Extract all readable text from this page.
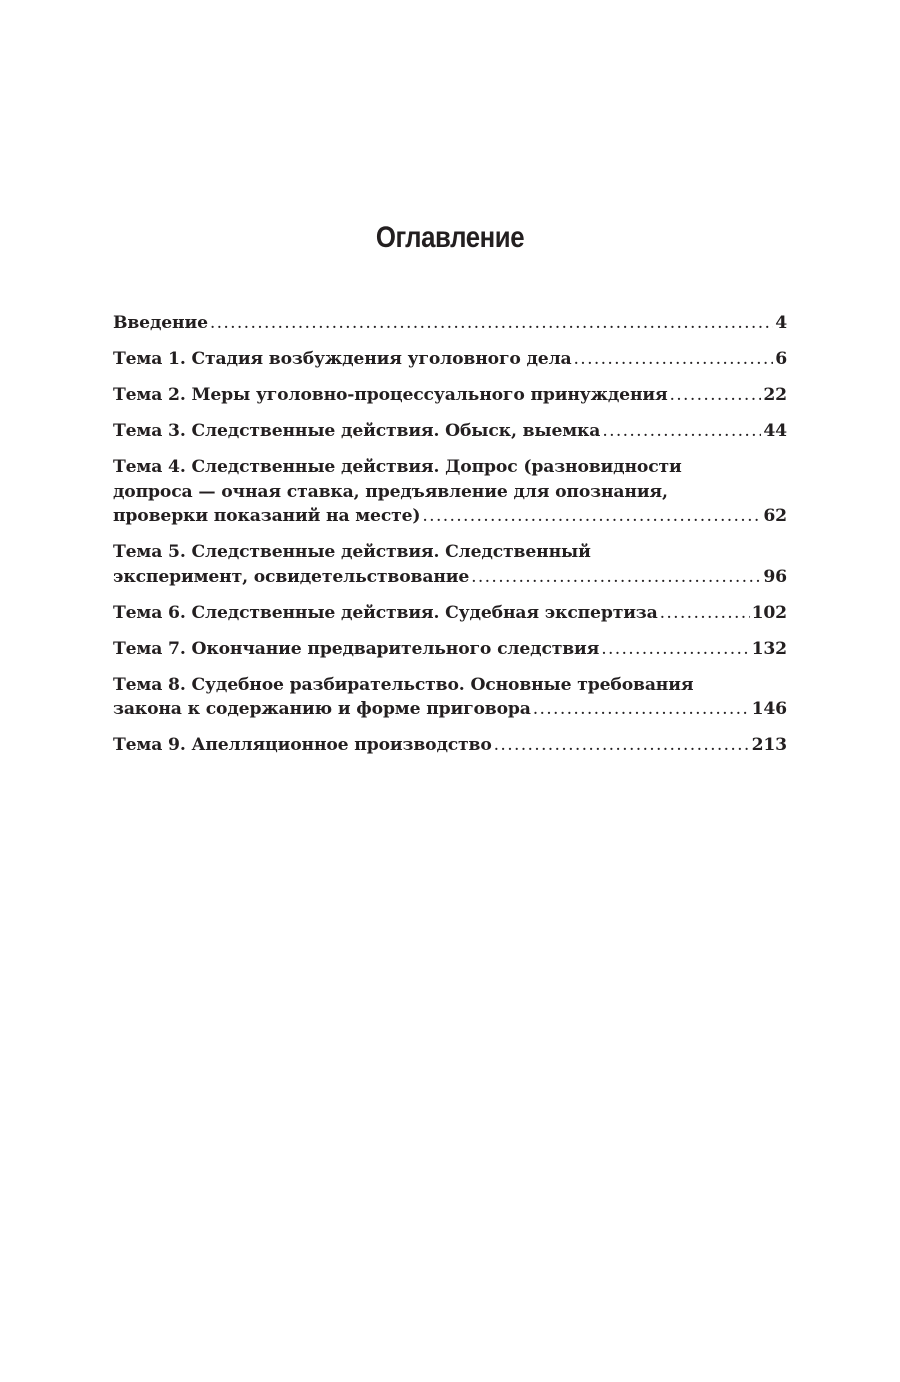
Оглавление
Введение .....	4
Тема 1. Стадия возбуждения уголовного дела .....	6
Тема 2. Меры уголовно-процессуального принуждения .....	22
Тема 3. Следственные действия. Обыск, выемка .....	44
Тема 4. Следственные действия. Допрос (разновидности
допроса — очная ставка, предъявление для опознания,
проверки показаний на месте) .....	62
Тема 5. Следственные действия. Следственный
эксперимент, освидетельствование .....	96
Тема 6. Следственные действия. Судебная экспертиза .....	102
Тема 7. Окончание предварительного следствия .....	132
Тема 8. Судебное разбирательство. Основные требования
закона к содержанию и форме приговора .....	146
Тема 9. Апелляционное производство .....	213
